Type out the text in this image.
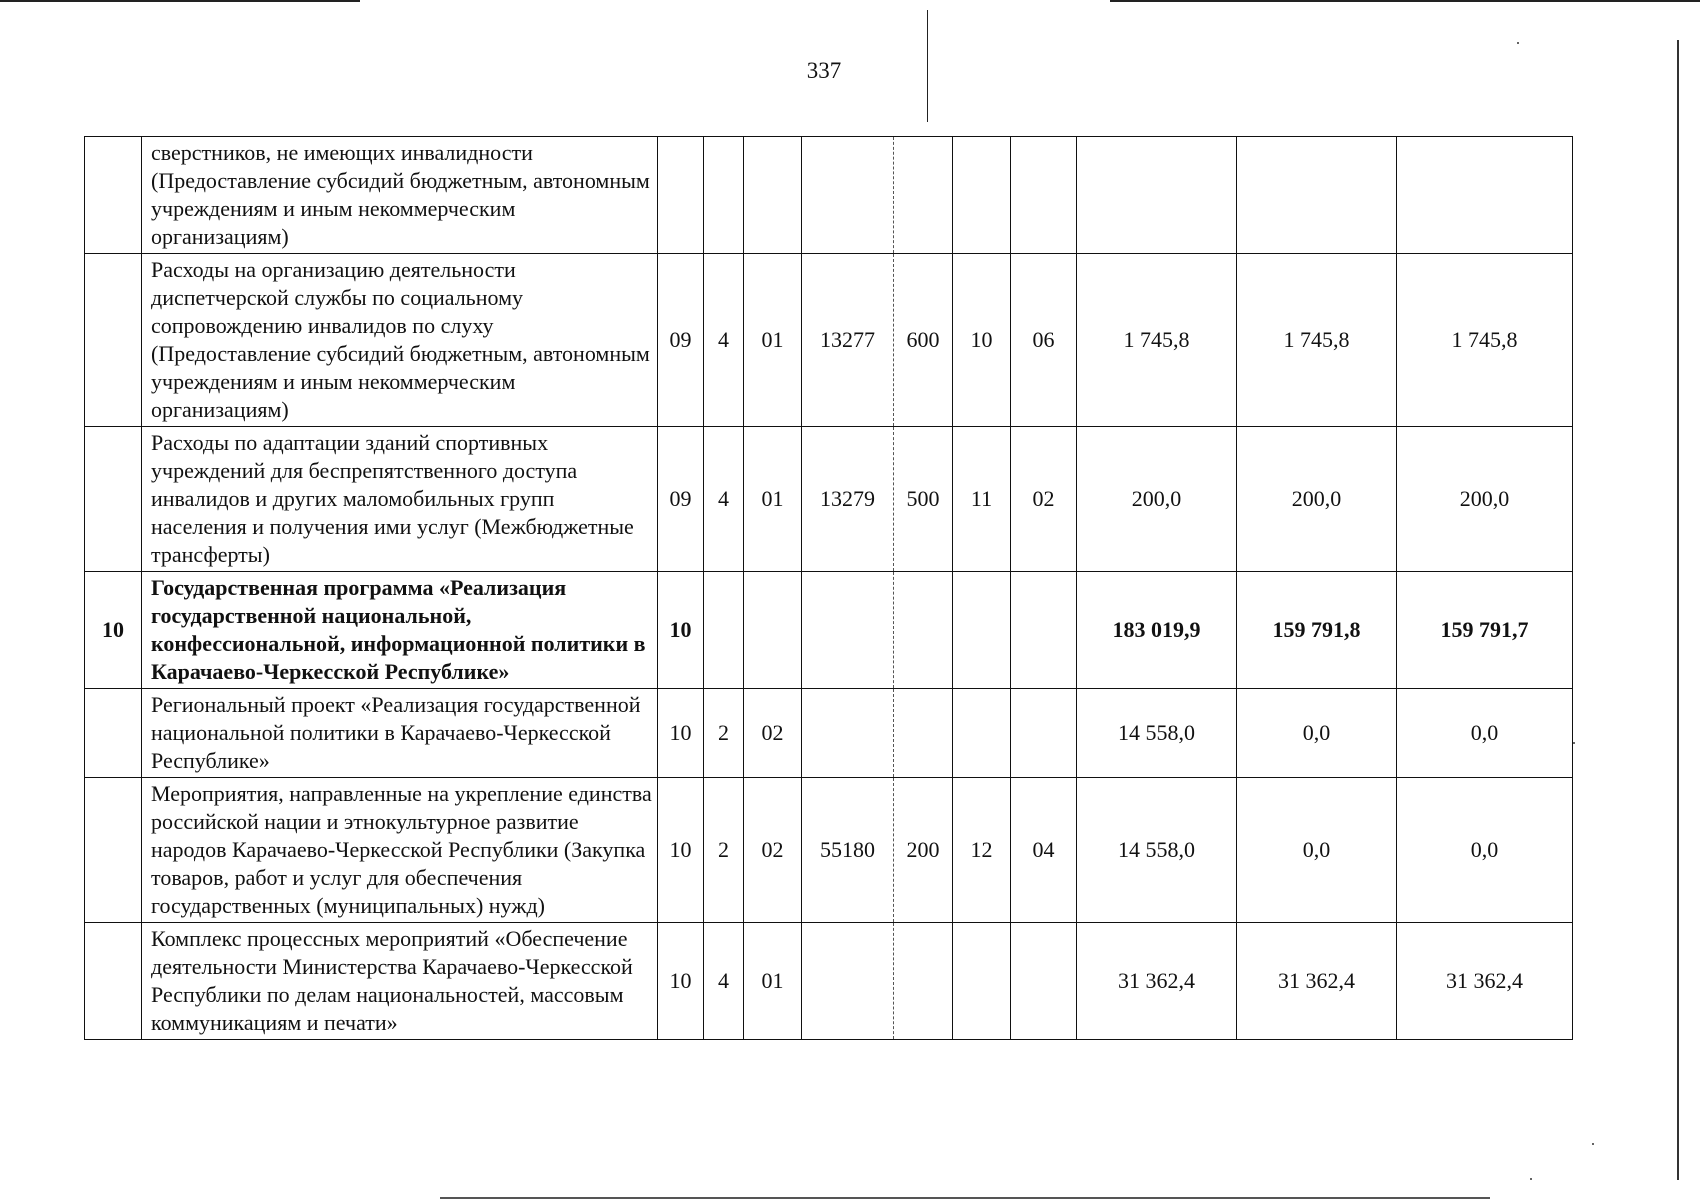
337
	сверстников, не имеющих инвалидности (Предоставление субсидий бюджетным, автономным учреждениям и иным некоммерческим организациям)										
	Расходы на организацию деятельности диспетчерской службы по социальному сопровождению инвалидов по слуху (Предоставление субсидий бюджетным, автономным учреждениям и иным некоммерческим организациям)	09	4	01	13277	600	10	06	1 745,8	1 745,8	1 745,8
	Расходы по адаптации зданий спортивных учреждений для беспрепятственного доступа инвалидов и других маломобильных групп населения и получения ими услуг (Межбюджетные трансферты)	09	4	01	13279	500	11	02	200,0	200,0	200,0
10	Государственная программа «Реализация государственной национальной, конфессиональной, информационной политики в Карачаево-Черкесской Республике»	10							183 019,9	159 791,8	159 791,7
	Региональный проект «Реализация государственной национальной политики в Карачаево-Черкесской Республике»	10	2	02					14 558,0	0,0	0,0
	Мероприятия, направленные на укрепление единства российской нации и этнокультурное развитие народов Карачаево-Черкесской Республики (Закупка товаров, работ и услуг для обеспечения государственных (муниципальных) нужд)	10	2	02	55180	200	12	04	14 558,0	0,0	0,0
	Комплекс процессных мероприятий «Обеспечение деятельности Министерства Карачаево-Черкесской Республики по делам национальностей, массовым коммуникациям и печати»	10	4	01					31 362,4	31 362,4	31 362,4
